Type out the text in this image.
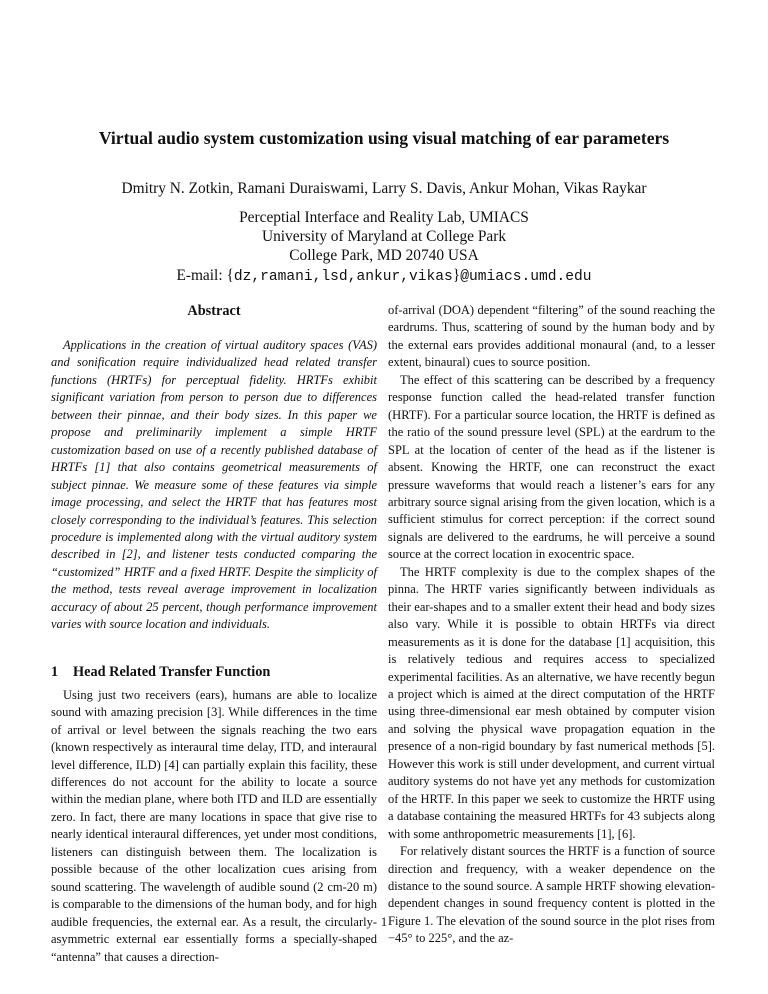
Virtual audio system customization using visual matching of ear parameters
Dmitry N. Zotkin, Ramani Duraiswami, Larry S. Davis, Ankur Mohan, Vikas Raykar
Perceptial Interface and Reality Lab, UMIACS
University of Maryland at College Park
College Park, MD 20740 USA
E-mail: {dz,ramani,lsd,ankur,vikas}@umiacs.umd.edu
Abstract

Applications in the creation of virtual auditory spaces (VAS) and sonification require individualized head related transfer functions (HRTFs) for perceptual fidelity. HRTFs exhibit significant variation from person to person due to differences between their pinnae, and their body sizes. In this paper we propose and preliminarily implement a simple HRTF customization based on use of a recently published database of HRTFs [1] that also contains geometrical measurements of subject pinnae. We measure some of these features via simple image processing, and select the HRTF that has features most closely corresponding to the individual’s features. This selection procedure is implemented along with the virtual auditory system described in [2], and listener tests conducted comparing the “customized” HRTF and a fixed HRTF. Despite the simplicity of the method, tests reveal average improvement in localization accuracy of about 25 percent, though performance improvement varies with source location and individuals.

1 Head Related Transfer Function

Using just two receivers (ears), humans are able to localize sound with amazing precision [3]. While differences in the time of arrival or level between the signals reaching the two ears (known respectively as interaural time delay, ITD, and interaural level difference, ILD) [4] can partially explain this facility, these differences do not account for the ability to locate a source within the median plane, where both ITD and ILD are essentially zero. In fact, there are many locations in space that give rise to nearly identical interaural differences, yet under most conditions, listeners can distinguish between them. The localization is possible because of the other localization cues arising from sound scattering. The wavelength of audible sound (2 cm-20 m) is comparable to the dimensions of the human body, and for high audible frequencies, the external ear. As a result, the circularly-asymmetric external ear essentially forms a specially-shaped “antenna” that causes a direction-

of-arrival (DOA) dependent “filtering” of the sound reaching the eardrums. Thus, scattering of sound by the human body and by the external ears provides additional monaural (and, to a lesser extent, binaural) cues to source position.

The effect of this scattering can be described by a frequency response function called the head-related transfer function (HRTF). For a particular source location, the HRTF is defined as the ratio of the sound pressure level (SPL) at the eardrum to the SPL at the location of center of the head as if the listener is absent. Knowing the HRTF, one can reconstruct the exact pressure waveforms that would reach a listener’s ears for any arbitrary source signal arising from the given location, which is a sufficient stimulus for correct perception: if the correct sound signals are delivered to the eardrums, he will perceive a sound source at the correct location in exocentric space.

The HRTF complexity is due to the complex shapes of the pinna. The HRTF varies significantly between individuals as their ear-shapes and to a smaller extent their head and body sizes also vary. While it is possible to obtain HRTFs via direct measurements as it is done for the database [1] acquisition, this is relatively tedious and requires access to specialized experimental facilities. As an alternative, we have recently begun a project which is aimed at the direct computation of the HRTF using three-dimensional ear mesh obtained by computer vision and solving the physical wave propagation equation in the presence of a non-rigid boundary by fast numerical methods [5]. However this work is still under development, and current virtual auditory systems do not have yet any methods for customization of the HRTF. In this paper we seek to customize the HRTF using a database containing the measured HRTFs for 43 subjects along with some anthropometric measurements [1], [6].

For relatively distant sources the HRTF is a function of source direction and frequency, with a weaker dependence on the distance to the sound source. A sample HRTF showing elevation-dependent changes in sound frequency content is plotted in the Figure 1. The elevation of the sound source in the plot rises from −45° to 225°, and the az-

1
